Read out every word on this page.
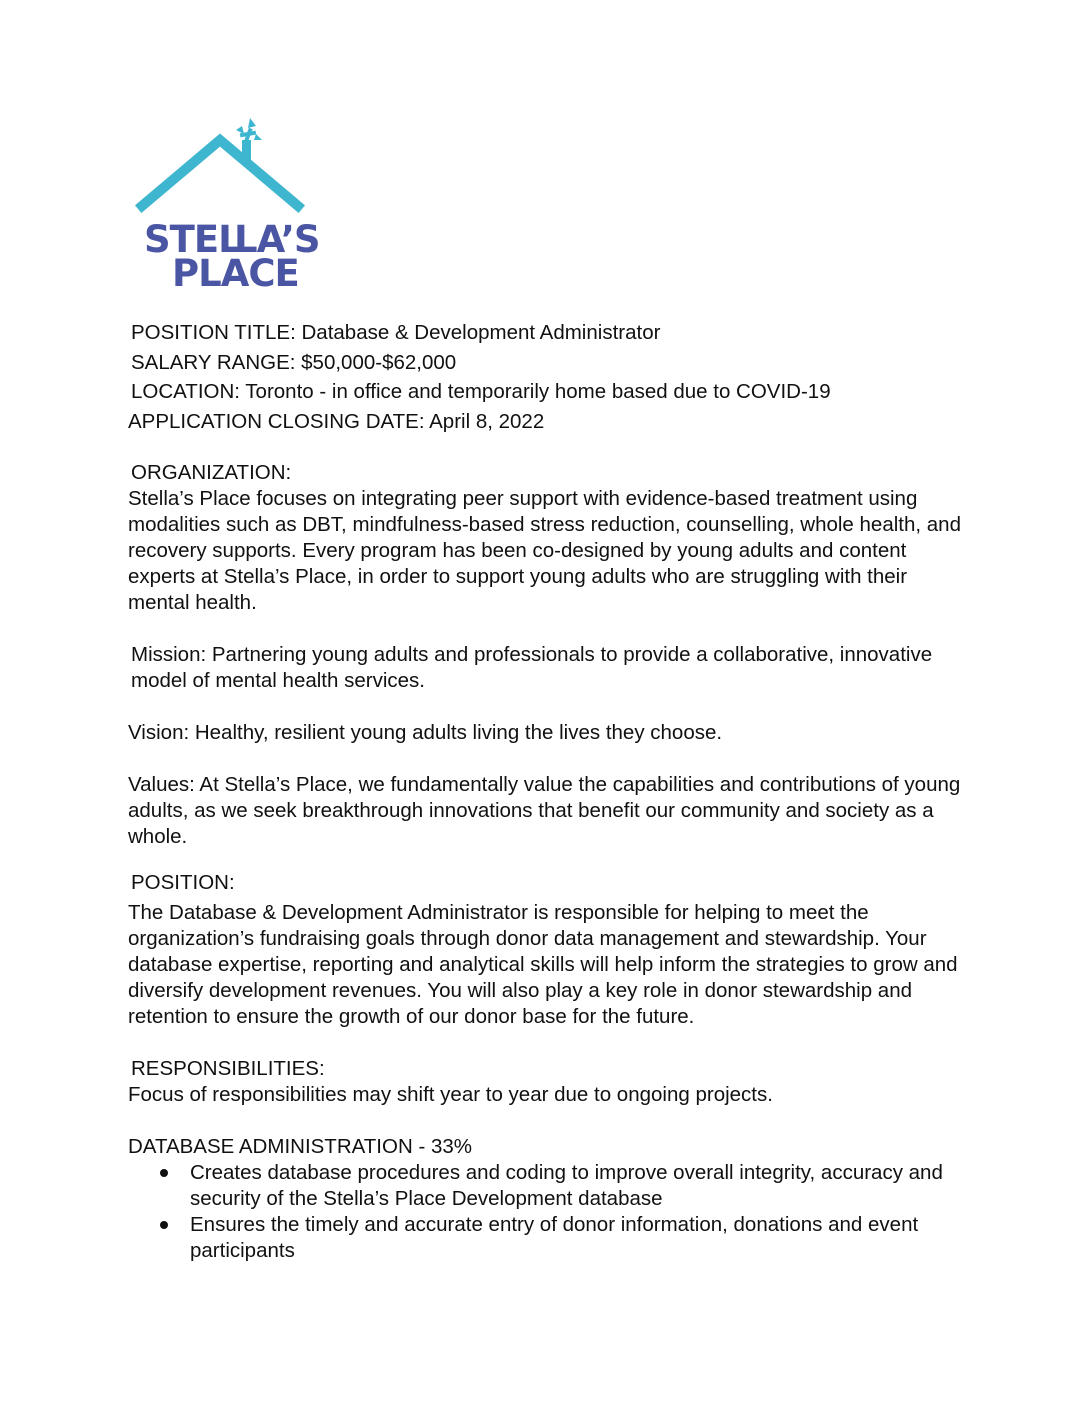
STEL
LA’S
PLACE
POSITION TITLE: Database & Development Administrator
SALARY RANGE: $50,000-$62,000
LOCATION: Toronto - in office and temporarily home based due to COVID-19
APPLICATION CLOSING DATE: April 8, 2022
ORGANIZATION:

Stella’s Place focuses on integrating peer support with evidence-based treatment using modalities such as DBT, mindfulness-based stress reduction, counselling, whole health, and recovery supports. Every program has been co-designed by young adults and content experts at Stella’s Place, in order to support young adults who are struggling with their mental health.

Mission: Partnering young adults and professionals to provide a collaborative, innovative model of mental health services.

Vision: Healthy, resilient young adults living the lives they choose.

Values: At Stella’s Place, we fundamentally value the capabilities and contributions of young adults, as we seek breakthrough innovations that benefit our community and society as a whole.

POSITION:

The Database & Development Administrator is responsible for helping to meet the organization’s fundraising goals through donor data management and stewardship. Your database expertise, reporting and analytical skills will help inform the strategies to grow and diversify development revenues. You will also play a key role in donor stewardship and retention to ensure the growth of our donor base for the future.

RESPONSIBILITIES:

Focus of responsibilities may shift year to year due to ongoing projects.

DATABASE ADMINISTRATION - 33%
Creates database procedures and coding to improve overall integrity, accuracy and security of the Stella’s Place Development database
Ensures the timely and accurate entry of donor information, donations and event participants
